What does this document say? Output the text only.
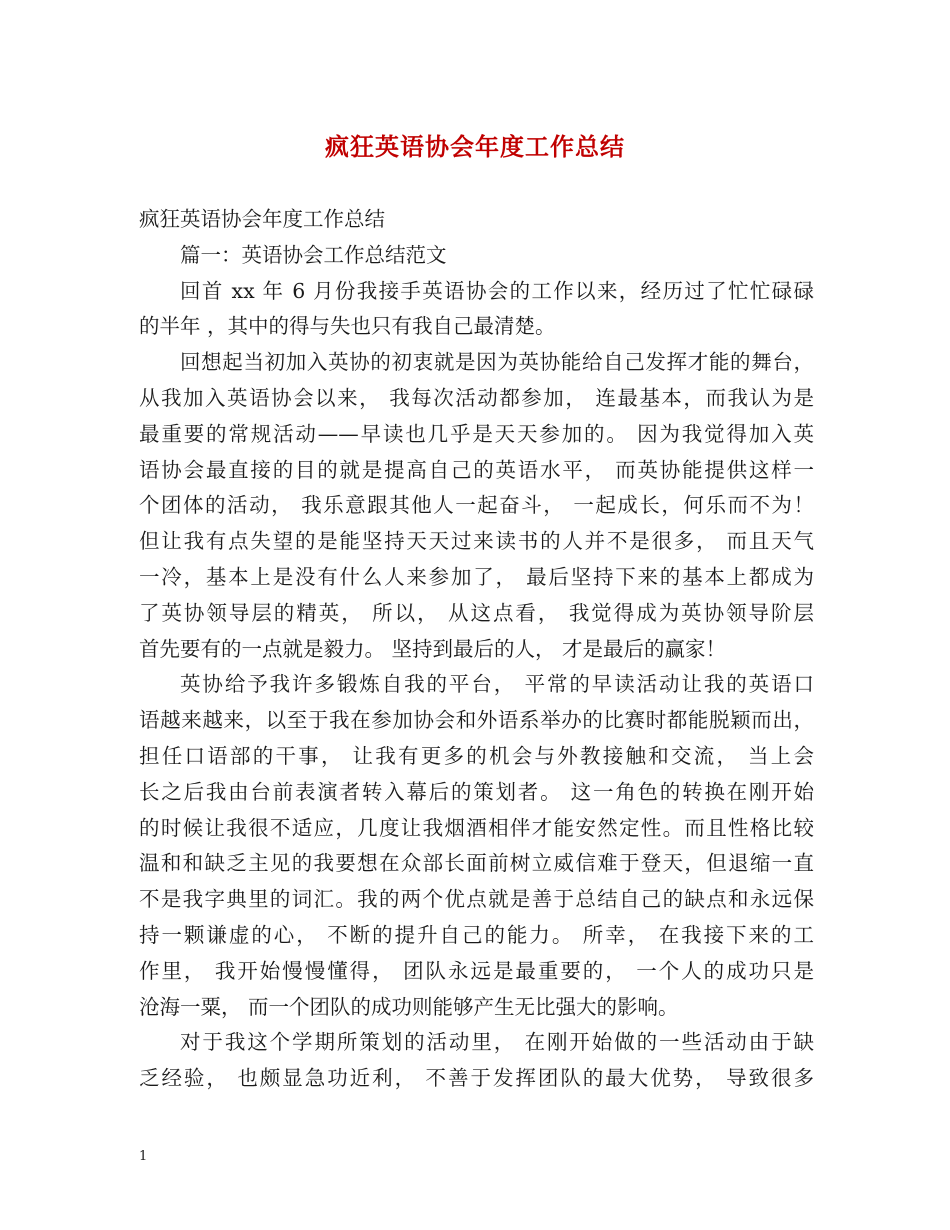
疯狂英语协会年度工作总结
疯狂英语协会年度工作总结
篇一：英语协会工作总结范文
回首 xx 年 6 月份我接手英语协会的工作以来，经历过了忙忙碌碌
的半年 ，其中的得与失也只有我自己最清楚。
回想起当初加入英协的初衷就是因为英协能给自己发挥才能的舞台，
从我加入英语协会以来， 我每次活动都参加， 连最基本，而我认为是
最重要的常规活动——早读也几乎是天天参加的。 因为我觉得加入英
语协会最直接的目的就是提高自己的英语水平， 而英协能提供这样一
个团体的活动， 我乐意跟其他人一起奋斗， 一起成长，何乐而不为！
但让我有点失望的是能坚持天天过来读书的人并不是很多， 而且天气
一冷，基本上是没有什么人来参加了， 最后坚持下来的基本上都成为
了英协领导层的精英， 所以， 从这点看， 我觉得成为英协领导阶层
首先要有的一点就是毅力。 坚持到最后的人， 才是最后的赢家！
英协给予我许多锻炼自我的平台， 平常的早读活动让我的英语口
语越来越来，以至于我在参加协会和外语系举办的比赛时都能脱颖而出，
担任口语部的干事， 让我有更多的机会与外教接触和交流， 当上会
长之后我由台前表演者转入幕后的策划者。 这一角色的转换在刚开始
的时候让我很不适应，几度让我烟酒相伴才能安然定性。而且性格比较
温和和缺乏主见的我要想在众部长面前树立威信难于登天，但退缩一直
不是我字典里的词汇。我的两个优点就是善于总结自己的缺点和永远保
持一颗谦虚的心， 不断的提升自己的能力。 所幸， 在我接下来的工
作里， 我开始慢慢懂得， 团队永远是最重要的， 一个人的成功只是
沧海一粟， 而一个团队的成功则能够产生无比强大的影响。
对于我这个学期所策划的活动里， 在刚开始做的一些活动由于缺
乏经验， 也颇显急功近利， 不善于发挥团队的最大优势， 导致很多
1
